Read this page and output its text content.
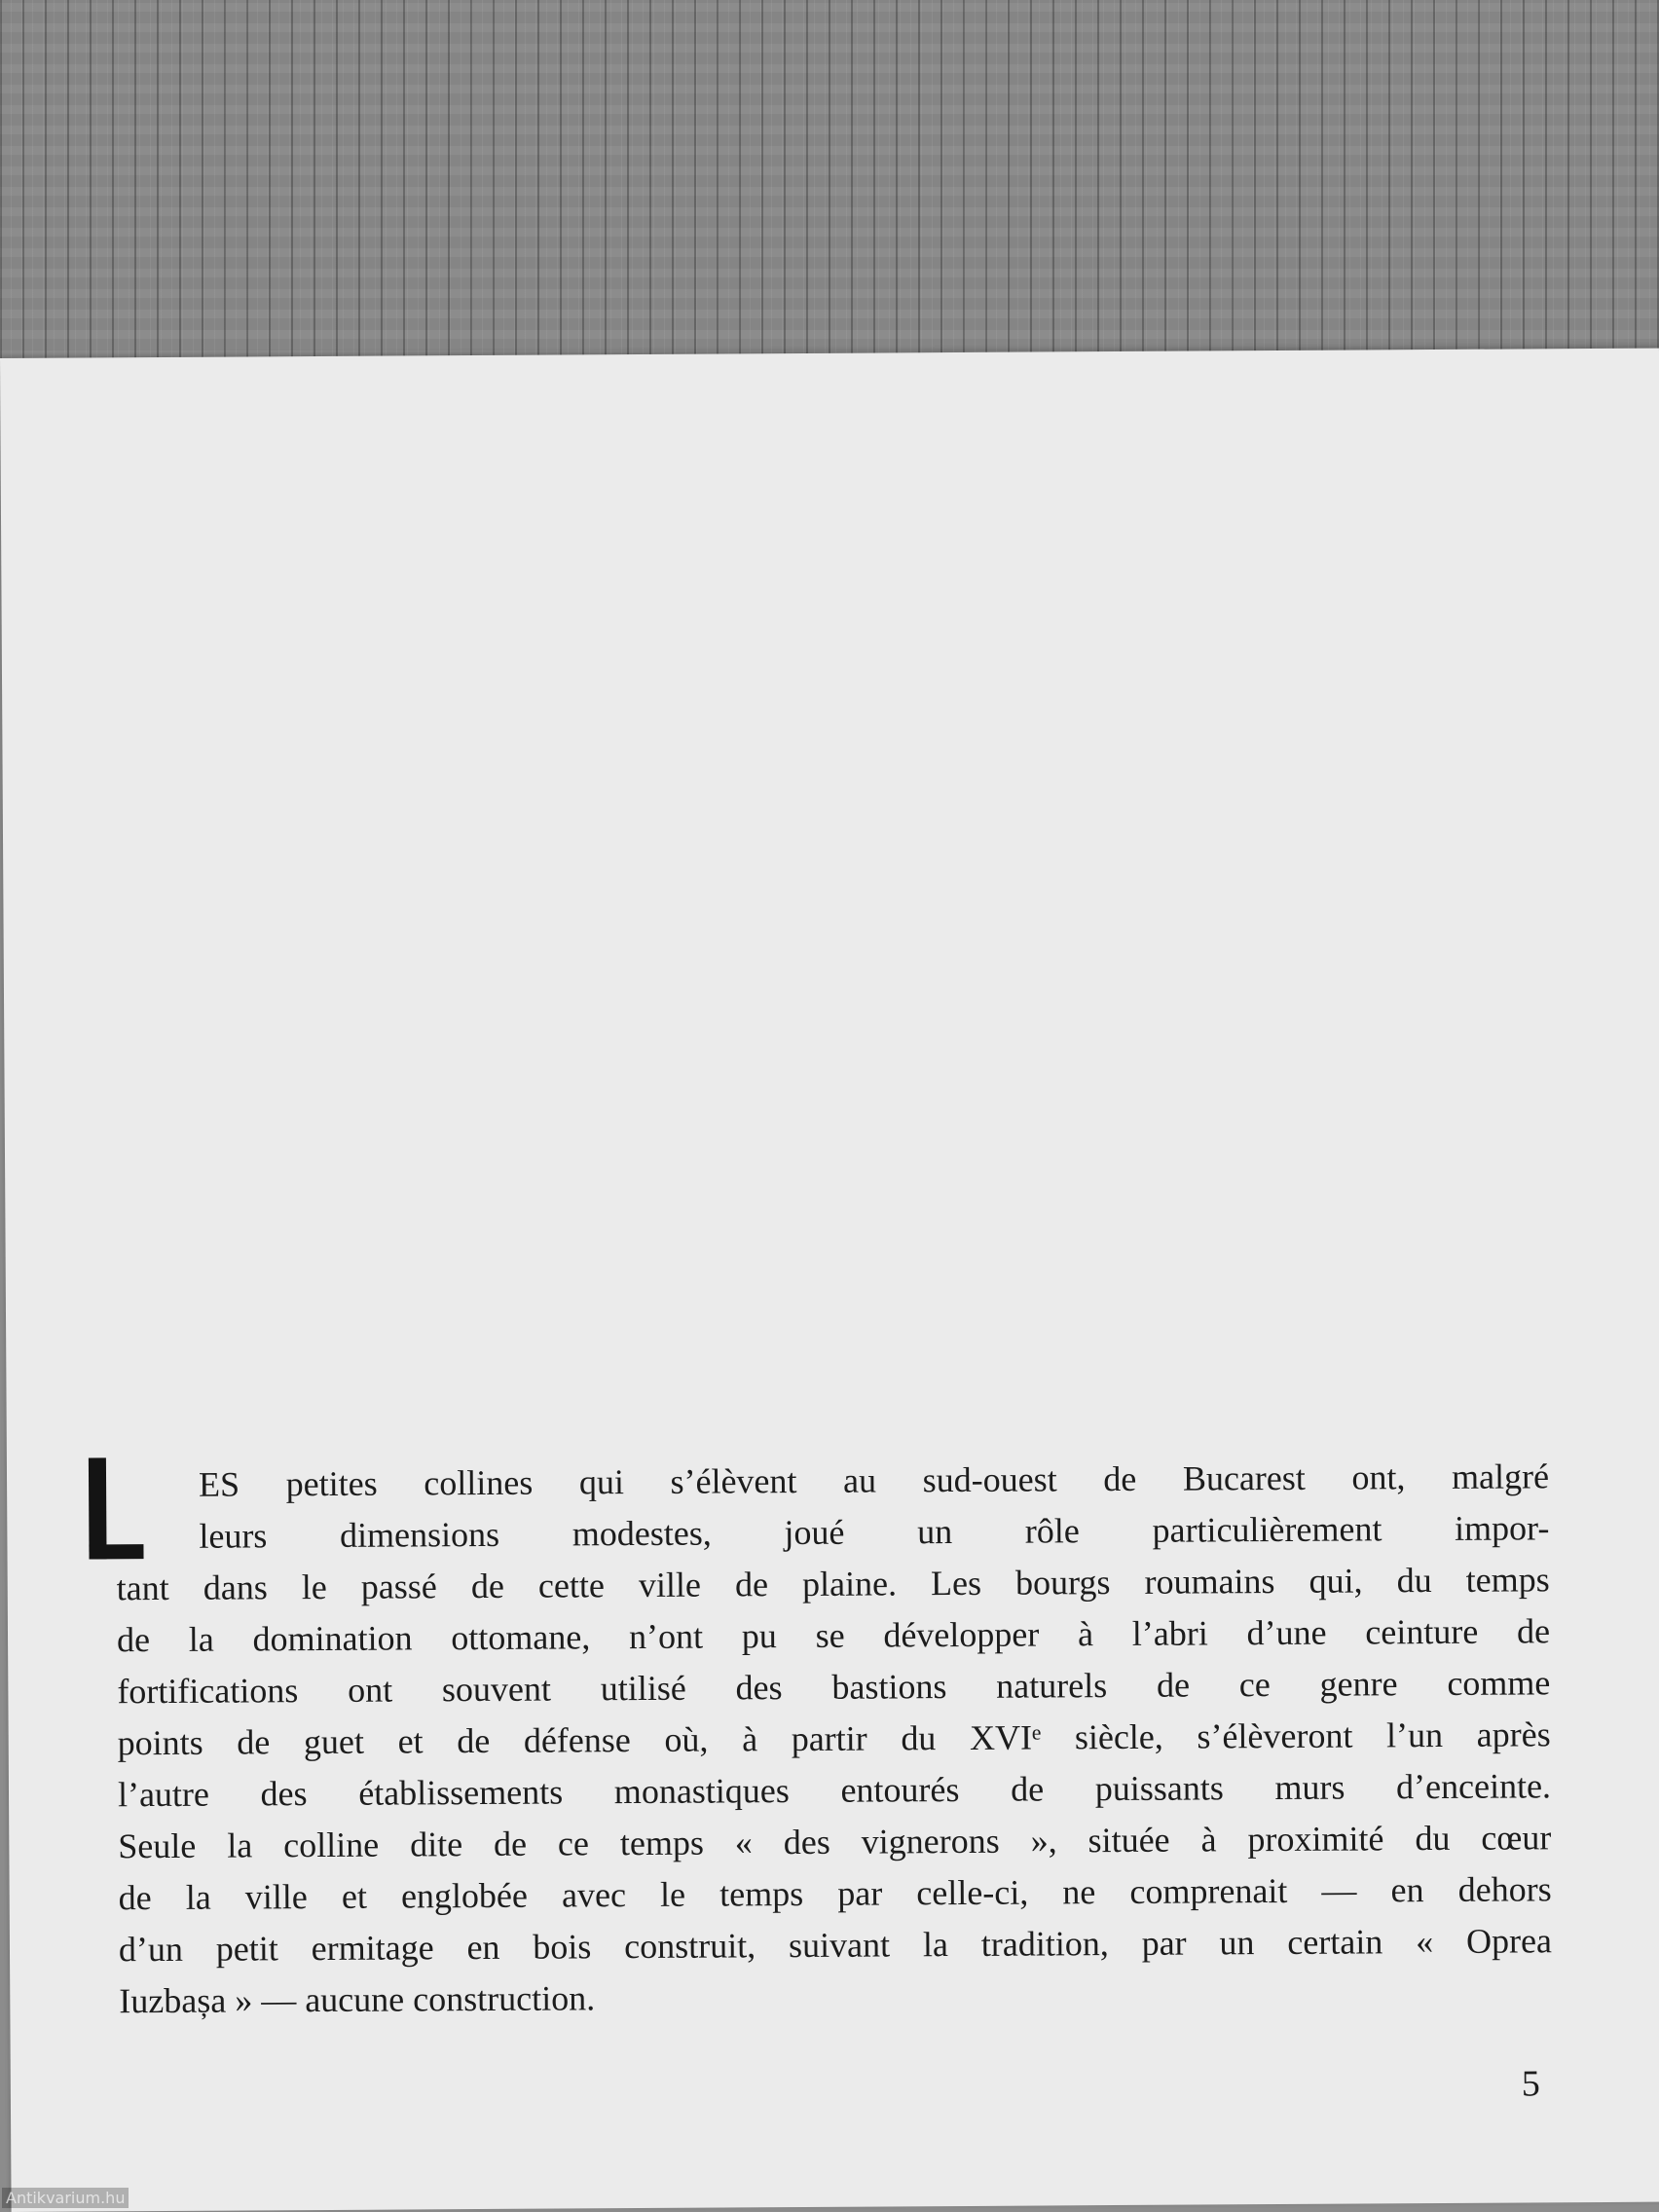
ES petites collines qui s’élèvent au sud-ouest de Bucarest ont, malgré
leurs dimensions modestes, joué un rôle particulièrement impor-
tant dans le passé de cette ville de plaine. Les bourgs roumains qui, du temps
de la domination ottomane, n’ont pu se développer à l’abri d’une ceinture de
fortifications ont souvent utilisé des bastions naturels de ce genre comme
points de guet et de défense où, à partir du XVIᵉ siècle, s’élèveront l’un après
l’autre des établissements monastiques entourés de puissants murs d’enceinte.
Seule la colline dite de ce temps « des vignerons », située à proximité du cœur
de la ville et englobée avec le temps par celle-ci, ne comprenait — en dehors
d’un petit ermitage en bois construit, suivant la tradition, par un certain « Oprea
Iuzbașa » — aucune construction.
5
Antikvarium.hu
